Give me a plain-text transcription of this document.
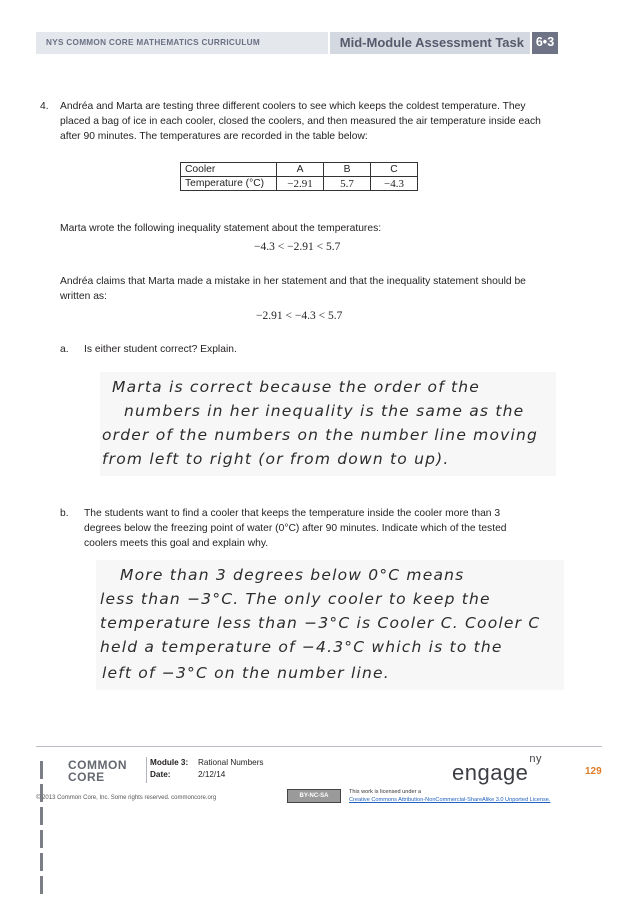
NYS COMMON CORE MATHEMATICS CURRICULUM	Mid-Module Assessment Task 6•3
4. Andréa and Marta are testing three different coolers to see which keeps the coldest temperature. They
placed a bag of ice in each cooler, closed the coolers, and then measured the air temperature inside each
after 90 minutes. The temperatures are recorded in the table below:
Cooler	A	B	C
Temperature (°C)	−2.91	5.7	−4.3
Marta wrote the following inequality statement about the temperatures:
−4.3 < −2.91 < 5.7
Andréa claims that Marta made a mistake in her statement and that the inequality statement should be
written as:
−2.91 < −4.3 < 5.7
a. Is either student correct? Explain.
Marta is correct because the order of the
numbers in her inequality is the same as the
order of the numbers on the number line moving
from left to right (or from down to up).
b. The students want to find a cooler that keeps the temperature inside the cooler more than 3
degrees below the freezing point of water (0°C) after 90 minutes. Indicate which of the tested
coolers meets this goal and explain why.
More than 3 degrees below 0°C means
less than −3°C. The only cooler to keep the
temperature less than −3°C is Cooler C. Cooler C
held a temperature of −4.3°C which is to the
left of −3°C on the number line.
COMMON
CORE
Module 3: Rational Numbers
Date:	2/12/14	engage$^{ny}$
129
© 2013 Common Core, Inc. Some rights reserved. commoncore.org	BY-NC-SA
This work is licensed under a
Creative Commons Attribution-NonCommercial-ShareAlike 3.0 Unported License.
